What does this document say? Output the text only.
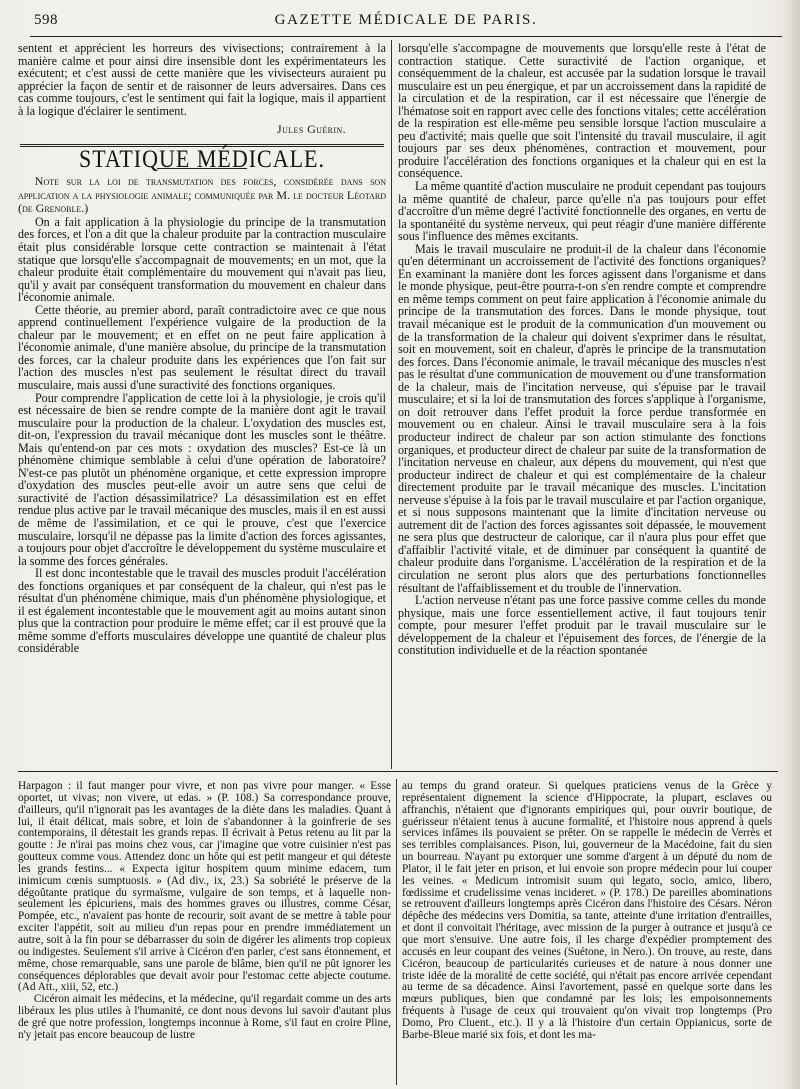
598	GAZETTE MÉDICALE DE PARIS.

sentent et apprécient les horreurs des vivisections; contrairement à la manière calme et pour ainsi dire insensible dont les expérimentateurs les exécutent; et c'est aussi de cette manière que les vivisecteurs auraient pu apprécier la façon de sentir et de raisonner de leurs adversaires. Dans ces cas comme toujours, c'est le sentiment qui fait la logique, mais il appartient à la logique d'éclairer le sentiment.

Jules Guérin.
STATIQUE MÉDICALE.

Note sur la loi de transmutation des forces, considérée dans son application a la physiologie animale; communiquée par M. le docteur Léotard (de Grenoble.)

On a fait application à la physiologie du principe de la transmutation des forces, et l'on a dit que la chaleur produite par la contraction musculaire était plus considérable lorsque cette contraction se maintenait à l'état statique que lorsqu'elle s'accompagnait de mouvements; en un mot, que la chaleur produite était complémentaire du mouvement qui n'avait pas lieu, qu'il y avait par conséquent transformation du mouvement en chaleur dans l'économie animale.

Cette théorie, au premier abord, paraît contradictoire avec ce que nous apprend continuellement l'expérience vulgaire de la production de la chaleur par le mouvement; et en effet on ne peut faire application à l'économie animale, d'une manière absolue, du principe de la transmutation des forces, car la chaleur produite dans les expériences que l'on fait sur l'action des muscles n'est pas seulement le résultat direct du travail musculaire, mais aussi d'une suractivité des fonctions organiques.

Pour comprendre l'application de cette loi à la physiologie, je crois qu'il est nécessaire de bien se rendre compte de la manière dont agit le travail musculaire pour la production de la chaleur. L'oxydation des muscles est, dit-on, l'expression du travail mécanique dont les muscles sont le théâtre. Mais qu'entend-on par ces mots : oxydation des muscles? Est-ce là un phénomène chimique semblable à celui d'une opération de laboratoire? N'est-ce pas plutôt un phénomène organique, et cette expression impropre d'oxydation des muscles peut-elle avoir un autre sens que celui de suractivité de l'action désassimilatrice? La désassimilation est en effet rendue plus active par le travail mécanique des muscles, mais il en est aussi de même de l'assimilation, et ce qui le prouve, c'est que l'exercice musculaire, lorsqu'il ne dépasse pas la limite d'action des forces agissantes, a toujours pour objet d'accroître le développement du système musculaire et la somme des forces générales.

Il est donc incontestable que le travail des muscles produit l'accélération des fonctions organiques et par conséquent de la chaleur, qui n'est pas le résultat d'un phénomène chimique, mais d'un phénomène physiologique, et il est également incontestable que le mouvement agit au moins autant sinon plus que la contraction pour produire le même effet; car il est prouvé que la même somme d'efforts musculaires développe une quantité de chaleur plus considérable

lorsqu'elle s'accompagne de mouvements que lorsqu'elle reste à l'état de contraction statique. Cette suractivité de l'action organique, et conséquemment de la chaleur, est accusée par la sudation lorsque le travail musculaire est un peu énergique, et par un accroissement dans la rapidité de la circulation et de la respiration, car il est nécessaire que l'énergie de l'hématose soit en rapport avec celle des fonctions vitales; cette accélération de la respiration est elle-même peu sensible lorsque l'action musculaire a peu d'activité; mais quelle que soit l'intensité du travail musculaire, il agit toujours par ses deux phénomènes, contraction et mouvement, pour produire l'accélération des fonctions organiques et la chaleur qui en est la conséquence.

La même quantité d'action musculaire ne produit cependant pas toujours la même quantité de chaleur, parce qu'elle n'a pas toujours pour effet d'accroître d'un même degré l'activité fonctionnelle des organes, en vertu de la spontanéité du système nerveux, qui peut réagir d'une manière différente sous l'influence des mêmes excitants.

Mais le travail musculaire ne produit-il de la chaleur dans l'économie qu'en déterminant un accroissement de l'activité des fonctions organiques? En examinant la manière dont les forces agissent dans l'organisme et dans le monde physique, peut-être pourra-t-on s'en rendre compte et comprendre en même temps comment on peut faire application à l'économie animale du principe de la transmutation des forces. Dans le monde physique, tout travail mécanique est le produit de la communication d'un mouvement ou de la transformation de la chaleur qui doivent s'exprimer dans le résultat, soit en mouvement, soit en chaleur, d'après le principe de la transmutation des forces. Dans l'économie animale, le travail mécanique des muscles n'est pas le résultat d'une communication de mouvement ou d'une transformation de la chaleur, mais de l'incitation nerveuse, qui s'épuise par le travail musculaire; et si la loi de transmutation des forces s'applique à l'organisme, on doit retrouver dans l'effet produit la force perdue transformée en mouvement ou en chaleur. Ainsi le travail musculaire sera à la fois producteur indirect de chaleur par son action stimulante des fonctions organiques, et producteur direct de chaleur par suite de la transformation de l'incitation nerveuse en chaleur, aux dépens du mouvement, qui n'est que producteur indirect de chaleur et qui est complémentaire de la chaleur directement produite par le travail mécanique des muscles. L'incitation nerveuse s'épuise à la fois par le travail musculaire et par l'action organique, et si nous supposons maintenant que la limite d'incitation nerveuse ou autrement dit de l'action des forces agissantes soit dépassée, le mouvement ne sera plus que destructeur de calorique, car il n'aura plus pour effet que d'affaiblir l'activité vitale, et de diminuer par conséquent la quantité de chaleur produite dans l'organisme. L'accélération de la respiration et de la circulation ne seront plus alors que des perturbations fonctionnelles résultant de l'affaiblissement et du trouble de l'innervation.

L'action nerveuse n'étant pas une force passive comme celles du monde physique, mais une force essentiellement active, il faut toujours tenir compte, pour mesurer l'effet produit par le travail musculaire sur le développement de la chaleur et l'épuisement des forces, de l'énergie de la constitution individuelle et de la réaction spontanée

Harpagon : il faut manger pour vivre, et non pas vivre pour manger. « Esse oportet, ut vivas; non vivere, ut edas. » (P. 108.) Sa correspondance prouve, d'ailleurs, qu'il n'ignorait pas les avantages de la diète dans les maladies. Quant à lui, il était délicat, mais sobre, et loin de s'abandonner à la goinfrerie de ses contemporains, il détestait les grands repas. Il écrivait à Petus retenu au lit par la goutte : Je n'irai pas moins chez vous, car j'imagine que votre cuisinier n'est pas goutteux comme vous. Attendez donc un hôte qui est petit mangeur et qui déteste les grands festins... « Expecta igitur hospitem quum minime edacem, tum inimicum cœnis sumptuosis. » (Ad div., ix, 23.) Sa sobriété le préserve de la dégoûtante pratique du syrmaïsme, vulgaire de son temps, et à laquelle non-seulement les épicuriens, mais des hommes graves ou illustres, comme César, Pompée, etc., n'avaient pas honte de recourir, soit avant de se mettre à table pour exciter l'appétit, soit au milieu d'un repas pour en prendre immédiatement un autre, soit à la fin pour se débarrasser du soin de digérer les aliments trop copieux ou indigestes. Seulement s'il arrive à Cicéron d'en parler, c'est sans étonnement, et même, chose remarquable, sans une parole de blâme, bien qu'il ne pût ignorer les conséquences déplorables que devait avoir pour l'estomac cette abjecte coutume. (Ad Att., xiii, 52, etc.)

Cicéron aimait les médecins, et la médecine, qu'il regardait comme un des arts libéraux les plus utiles à l'humanité, ce dont nous devons lui savoir d'autant plus de gré que notre profession, longtemps inconnue à Rome, s'il faut en croire Pline, n'y jetait pas encore beaucoup de lustre

au temps du grand orateur. Si quelques praticiens venus de la Grèce y représentaient dignement la science d'Hippocrate, la plupart, esclaves ou affranchis, n'étaient que d'ignorants empiriques qui, pour ouvrir boutique, de guérisseur n'étaient tenus à aucune formalité, et l'histoire nous apprend à quels services infâmes ils pouvaient se prêter. On se rappelle le médecin de Verrès et ses terribles complaisances. Pison, lui, gouverneur de la Macédoine, fait du sien un bourreau. N'ayant pu extorquer une somme d'argent à un député du nom de Plator, il le fait jeter en prison, et lui envoie son propre médecin pour lui couper les veines. « Medicum intromisit suum qui legato, socio, amico, libero, fœdissime et crudelissime venas incideret. » (P. 178.) De pareilles abominations se retrouvent d'ailleurs longtemps après Cicéron dans l'histoire des Césars. Néron dépêche des médecins vers Domitia, sa tante, atteinte d'une irritation d'entrailles, et dont il convoitait l'héritage, avec mission de la purger à outrance et jusqu'à ce que mort s'ensuive. Une autre fois, il les charge d'expédier promptement des accusés en leur coupant des veines (Suétone, in Nero.). On trouve, au reste, dans Cicéron, beaucoup de particularités curieuses et de nature à nous donner une triste idée de la moralité de cette société, qui n'était pas encore arrivée cependant au terme de sa décadence. Ainsi l'avortement, passé en quelque sorte dans les mœurs publiques, bien que condamné par les lois; les empoisonnements fréquents à l'usage de ceux qui trouvaient qu'on vivait trop longtemps (Pro Domo, Pro Cluent., etc.). Il y a là l'histoire d'un certain Oppianicus, sorte de Barbe-Bleue marié six fois, et dont les ma-
